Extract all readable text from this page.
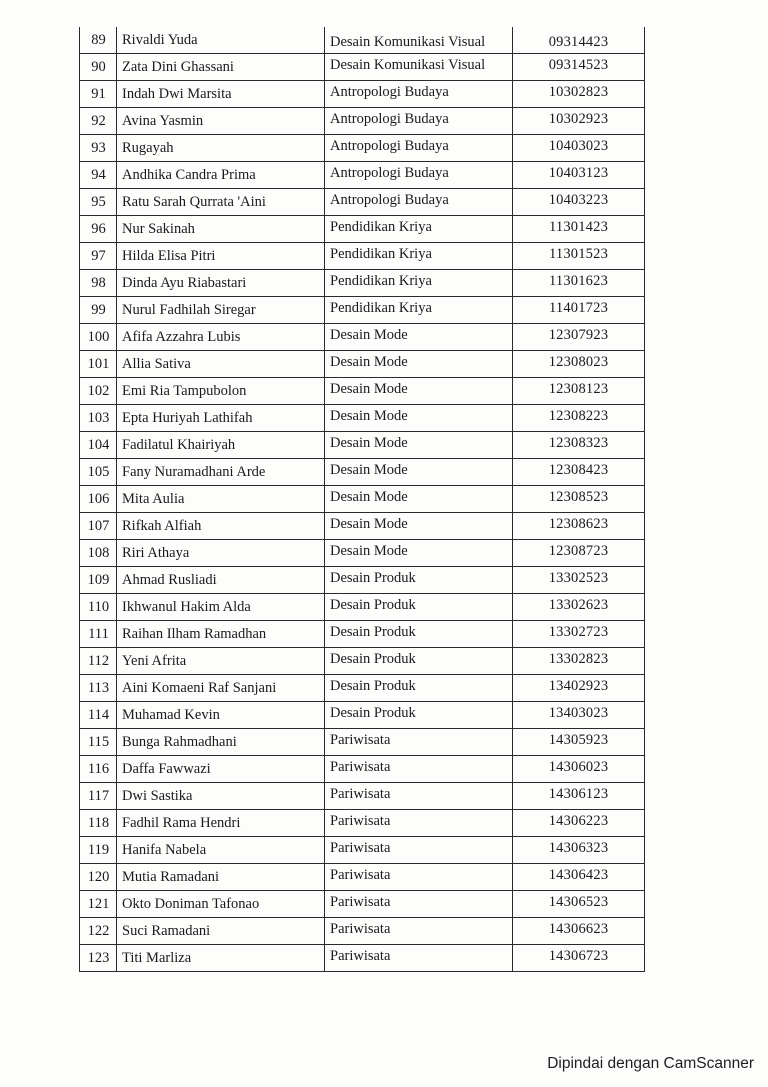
89	Rivaldi Yuda	Desain Komunikasi Visual	09314423
90	Zata Dini Ghassani	Desain Komunikasi Visual	09314523
91	Indah Dwi Marsita	Antropologi Budaya	10302823
92	Avina Yasmin	Antropologi Budaya	10302923
93	Rugayah	Antropologi Budaya	10403023
94	Andhika Candra Prima	Antropologi Budaya	10403123
95	Ratu Sarah Qurrata 'Aini	Antropologi Budaya	10403223
96	Nur Sakinah	Pendidikan Kriya	11301423
97	Hilda Elisa Pitri	Pendidikan Kriya	11301523
98	Dinda Ayu Riabastari	Pendidikan Kriya	11301623
99	Nurul Fadhilah Siregar	Pendidikan Kriya	11401723
100	Afifa Azzahra Lubis	Desain Mode	12307923
101	Allia Sativa	Desain Mode	12308023
102	Emi Ria Tampubolon	Desain Mode	12308123
103	Epta Huriyah Lathifah	Desain Mode	12308223
104	Fadilatul Khairiyah	Desain Mode	12308323
105	Fany Nuramadhani Arde	Desain Mode	12308423
106	Mita Aulia	Desain Mode	12308523
107	Rifkah Alfiah	Desain Mode	12308623
108	Riri Athaya	Desain Mode	12308723
109	Ahmad Rusliadi	Desain Produk	13302523
110	Ikhwanul Hakim Alda	Desain Produk	13302623
111	Raihan Ilham Ramadhan	Desain Produk	13302723
112	Yeni Afrita	Desain Produk	13302823
113	Aini Komaeni Raf Sanjani	Desain Produk	13402923
114	Muhamad Kevin	Desain Produk	13403023
115	Bunga Rahmadhani	Pariwisata	14305923
116	Daffa Fawwazi	Pariwisata	14306023
117	Dwi Sastika	Pariwisata	14306123
118	Fadhil Rama Hendri	Pariwisata	14306223
119	Hanifa Nabela	Pariwisata	14306323
120	Mutia Ramadani	Pariwisata	14306423
121	Okto Doniman Tafonao	Pariwisata	14306523
122	Suci Ramadani	Pariwisata	14306623
123	Titi Marliza	Pariwisata	14306723
Dipindai dengan CamScanner
